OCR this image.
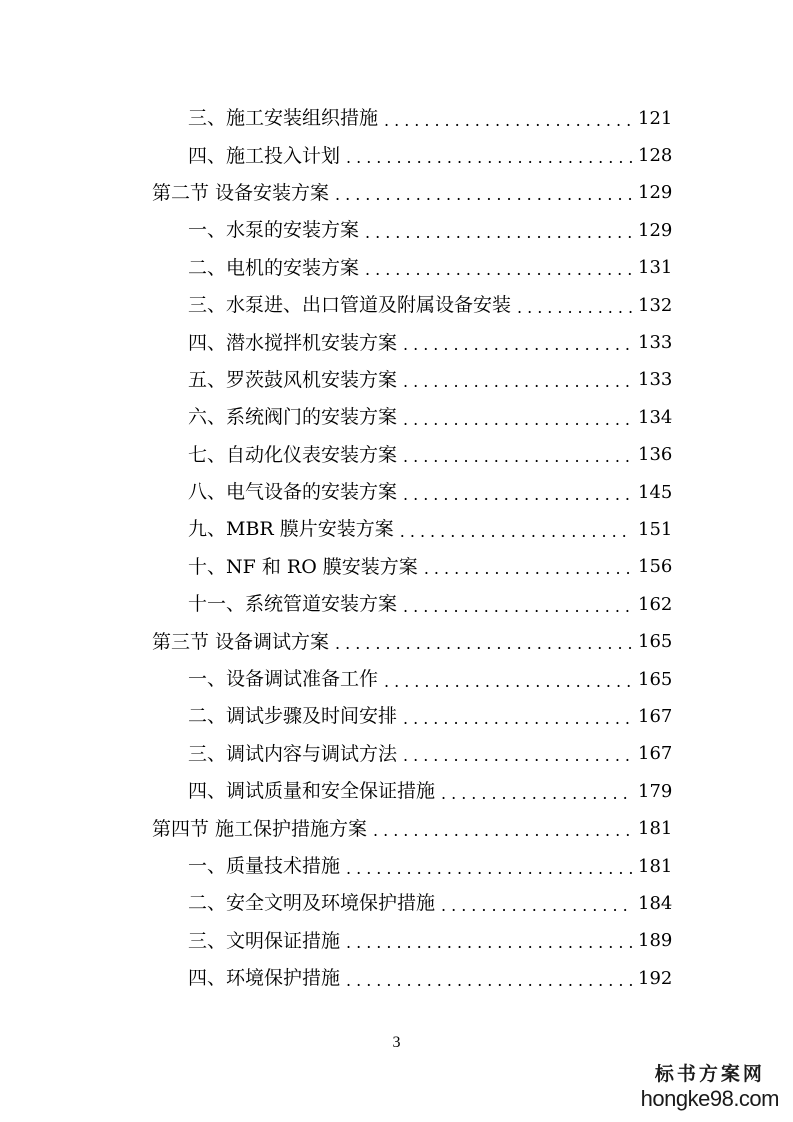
三、施工安装组织措施 .....	121
四、施工投入计划 .....	128
第二节 设备安装方案 .....	129
一、水泵的安装方案 .....	129
二、电机的安装方案 .....	131
三、水泵进、出口管道及附属设备安装 .....	132
四、潜水搅拌机安装方案 .....	133
五、罗茨鼓风机安装方案 .....	133
六、系统阀门的安装方案 .....	134
七、自动化仪表安装方案 .....	136
八、电气设备的安装方案 .....	145
九、MBR 膜片安装方案 .....	151
十、NF 和 RO 膜安装方案 .....	156
十一、系统管道安装方案 .....	162
第三节 设备调试方案 .....	165
一、设备调试准备工作 .....	165
二、调试步骤及时间安排 .....	167
三、调试内容与调试方法 .....	167
四、调试质量和安全保证措施 .....	179
第四节 施工保护措施方案 .....	181
一、质量技术措施 .....	181
二、安全文明及环境保护措施 .....	184
三、文明保证措施 .....	189
四、环境保护措施 .....	192
3
标书方案网
hongke98.com
